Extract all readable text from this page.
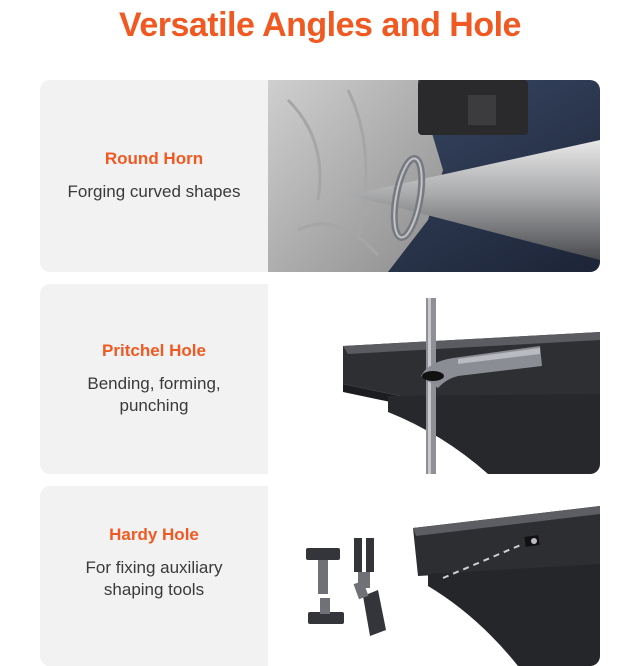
Versatile Angles and Hole
Round Horn
Forging curved shapes
Pritchel Hole
Bending, forming,
punching
Hardy Hole
For fixing auxiliary
shaping tools
